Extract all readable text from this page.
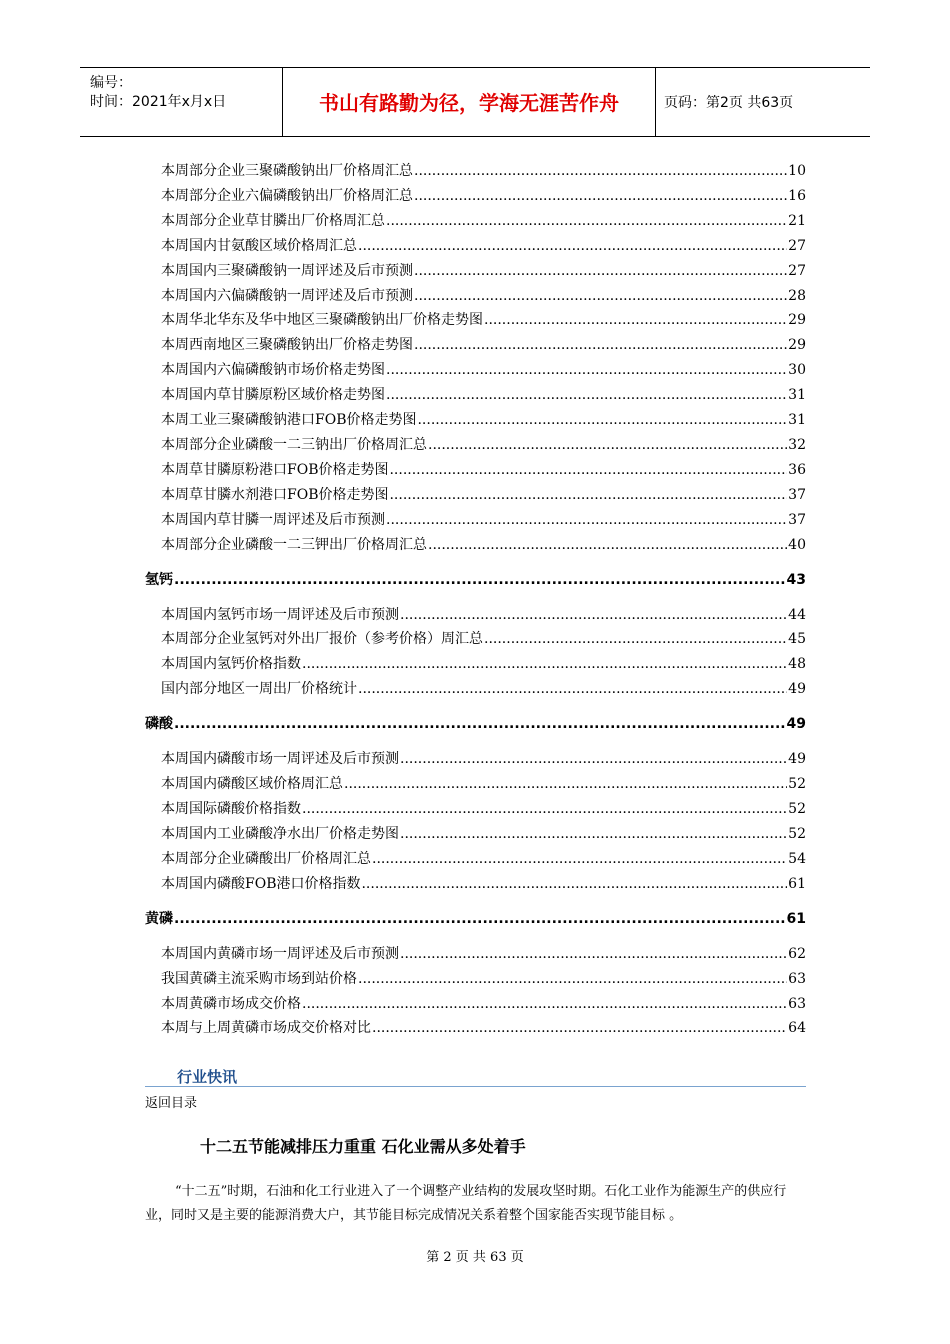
编号：
时间：2021年x月x日	书山有路勤为径，学海无涯苦作舟	页码：第2页 共63页
本周部分企业三聚磷酸钠出厂价格周汇总 .....	10
本周部分企业六偏磷酸钠出厂价格周汇总 .....	16
本周部分企业草甘膦出厂价格周汇总 .....	21
本周国内甘氨酸区域价格周汇总 .....	27
本周国内三聚磷酸钠一周评述及后市预测 .....	27
本周国内六偏磷酸钠一周评述及后市预测 .....	28
本周华北华东及华中地区三聚磷酸钠出厂价格走势图 .....	29
本周西南地区三聚磷酸钠出厂价格走势图 .....	29
本周国内六偏磷酸钠市场价格走势图 .....	30
本周国内草甘膦原粉区域价格走势图 .....	31
本周工业三聚磷酸钠港口FOB价格走势图 .....	31
本周部分企业磷酸一二三钠出厂价格周汇总 .....	32
本周草甘膦原粉港口FOB价格走势图 .....	36
本周草甘膦水剂港口FOB价格走势图 .....	37
本周国内草甘膦一周评述及后市预测 .....	37
本周部分企业磷酸一二三钾出厂价格周汇总 .....	40
氢钙 .....	43
本周国内氢钙市场一周评述及后市预测 .....	44
本周部分企业氢钙对外出厂报价（参考价格）周汇总 .....	45
本周国内氢钙价格指数 .....	48
国内部分地区一周出厂价格统计 .....	49
磷酸 .....	49
本周国内磷酸市场一周评述及后市预测 .....	49
本周国内磷酸区域价格周汇总 .....	52
本周国际磷酸价格指数 .....	52
本周国内工业磷酸净水出厂价格走势图 .....	52
本周部分企业磷酸出厂价格周汇总 .....	54
本周国内磷酸FOB港口价格指数 .....	61
黄磷 .....	61
本周国内黄磷市场一周评述及后市预测 .....	62
我国黄磷主流采购市场到站价格 .....	63
本周黄磷市场成交价格 .....	63
本周与上周黄磷市场成交价格对比 .....	64
行业快讯
返回目录
十二五节能减排压力重重 石化业需从多处着手
“十二五”时期，石油和化工行业进入了一个调整产业结构的发展攻坚时期。石化工业作为能源生产的供应行业，同时又是主要的能源消费大户，其节能目标完成情况关系着整个国家能否实现节能目标 。
第 2 页 共 63 页
